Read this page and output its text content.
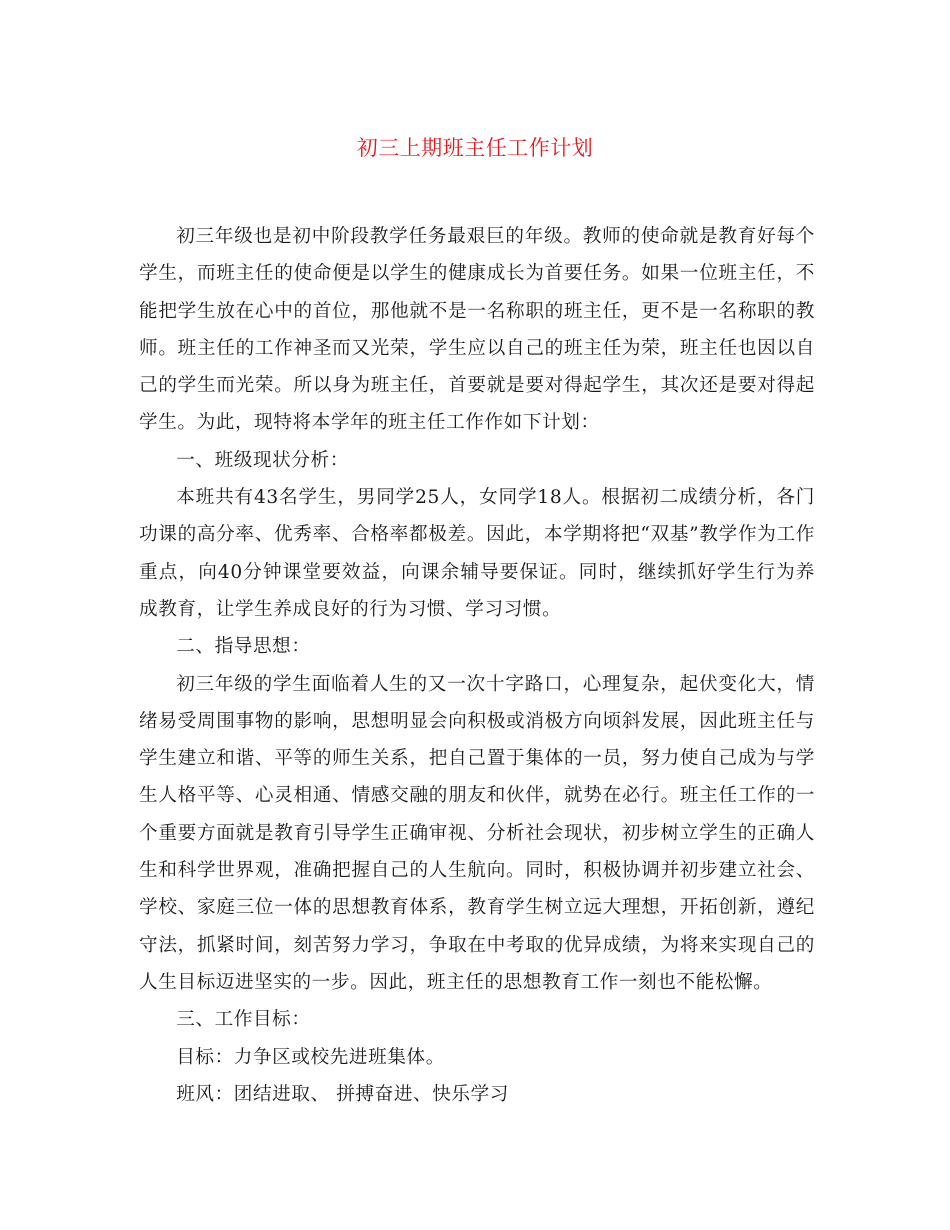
初三上期班主任工作计划

初三年级也是初中阶段教学任务最艰巨的年级。教师的使命就是教育好每个学生，而班主任的使命便是以学生的健康成长为首要任务。如果一位班主任，不能把学生放在心中的首位，那他就不是一名称职的班主任，更不是一名称职的教师。班主任的工作神圣而又光荣，学生应以自己的班主任为荣，班主任也因以自己的学生而光荣。所以身为班主任，首要就是要对得起学生，其次还是要对得起学生。为此，现特将本学年的班主任工作作如下计划：

一、班级现状分析：

本班共有43名学生，男同学25人，女同学18人。根据初二成绩分析，各门功课的高分率、优秀率、合格率都极差。因此，本学期将把“双基”教学作为工作重点，向40分钟课堂要效益，向课余辅导要保证。同时，继续抓好学生行为养成教育，让学生养成良好的行为习惯、学习习惯。

二、指导思想：

初三年级的学生面临着人生的又一次十字路口，心理复杂，起伏变化大，情绪易受周围事物的影响，思想明显会向积极或消极方向顷斜发展，因此班主任与学生建立和谐、平等的师生关系，把自己置于集体的一员，努力使自己成为与学生人格平等、心灵相通、情感交融的朋友和伙伴，就势在必行。班主任工作的一个重要方面就是教育引导学生正确审视、分析社会现状，初步树立学生的正确人生和科学世界观，准确把握自己的人生航向。同时，积极协调并初步建立社会、学校、家庭三位一体的思想教育体系，教育学生树立远大理想，开拓创新，遵纪守法，抓紧时间，刻苦努力学习，争取在中考取的优异成绩，为将来实现自己的人生目标迈进坚实的一步。因此，班主任的思想教育工作一刻也不能松懈。

三、工作目标：

目标：力争区或校先进班集体。

班风：团结进取、 拼搏奋进、快乐学习
